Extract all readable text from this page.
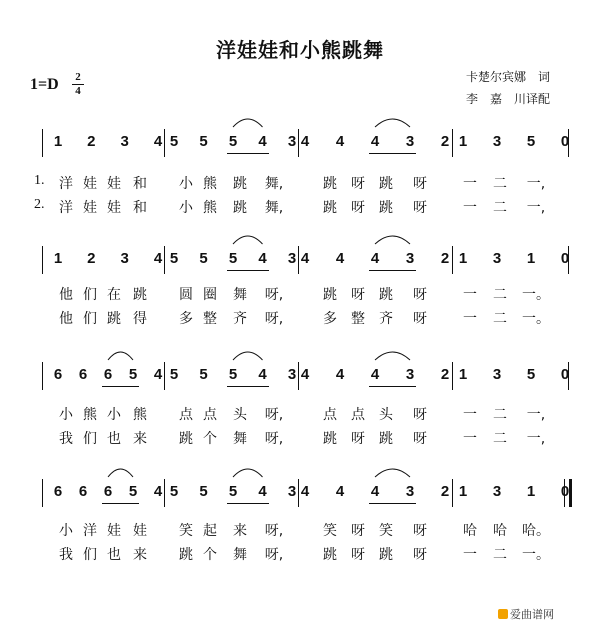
洋娃娃和小熊跳舞
1=D 2
4
卡楚尔宾娜　词
李　嘉　川译配
1 2 3 4 5 5 5 4 3 4 4 4 3 2 1 3 5 0
1.
2.
洋 娃 娃 和 小 熊 跳	舞,	跳 呀 跳 呀	一 二	一,
洋 娃 娃 和 小 熊 跳	舞,	跳 呀 跳 呀	一 二	一,
1 2 3 4 5 5 5 4 3 4 4 4 3 2 1 3 1 0
他 们 在 跳 圆 圈 舞	呀,	跳 呀 跳 呀	一 二 一。
他 们 跳 得 多 整 齐	呀,	多 整 齐 呀	一 二 一。
6 6 6 5 4 5 5 5 4 3 4 4 4 3 2 1 3 5 0
小 熊 小 熊 点 点 头	呀,	点 点 头 呀	一 二	一,
我 们 也 来 跳 个 舞	呀,	跳 呀 跳 呀	一 二	一,
6 6 6 5 4 5 5 5 4 3 4 4 4 3 2 1 3 1 0
小 洋 娃 娃 笑 起 来	呀,	笑 呀 笑 呀	哈 哈 哈。
我 们 也 来 跳 个 舞	呀,	跳 呀 跳 呀	一 二 一。
爱曲谱网
